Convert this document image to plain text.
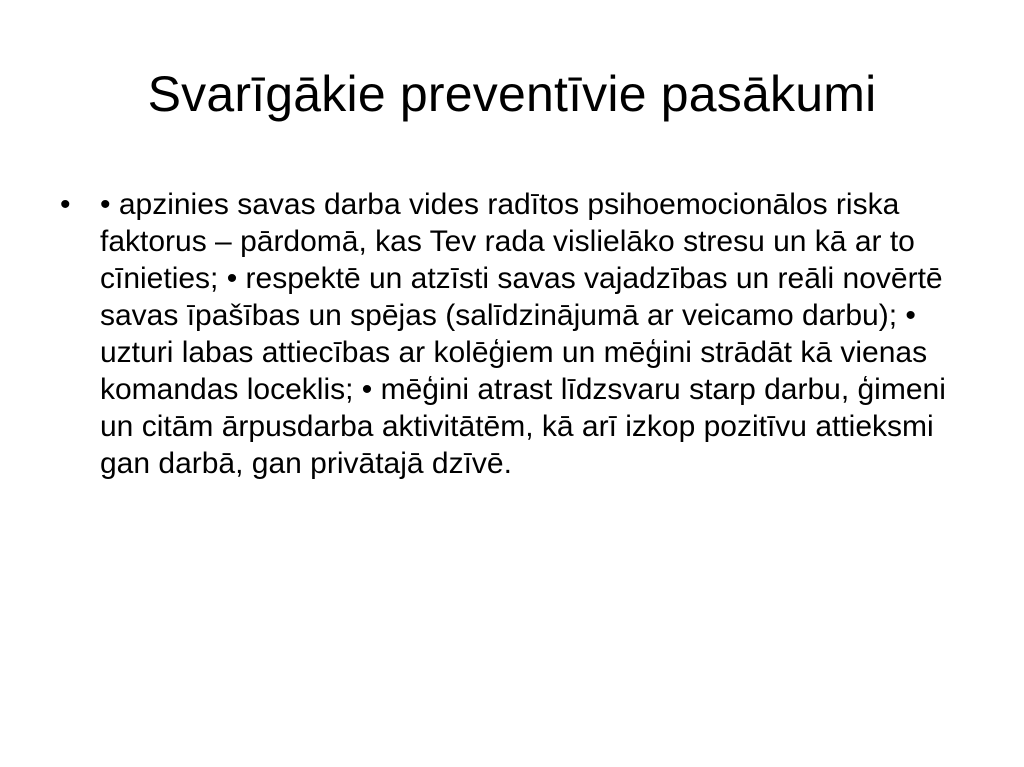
Svarīgākie preventīvie pasākumi
• • apzinies savas darba vides radītos psihoemocionālos riska faktorus – pārdomā, kas Tev rada vislielāko stresu un kā ar to cīnieties; • respektē un atzīsti savas vajadzības un reāli novērtē savas īpašības un spējas (salīdzinājumā ar veicamo darbu); • uzturi labas attiecības ar kolēģiem un mēģini strādāt kā vienas komandas loceklis; • mēģini atrast līdzsvaru starp darbu, ģimeni un citām ārpusdarba aktivitātēm, kā arī izkop pozitīvu attieksmi gan darbā, gan privātajā dzīvē.
